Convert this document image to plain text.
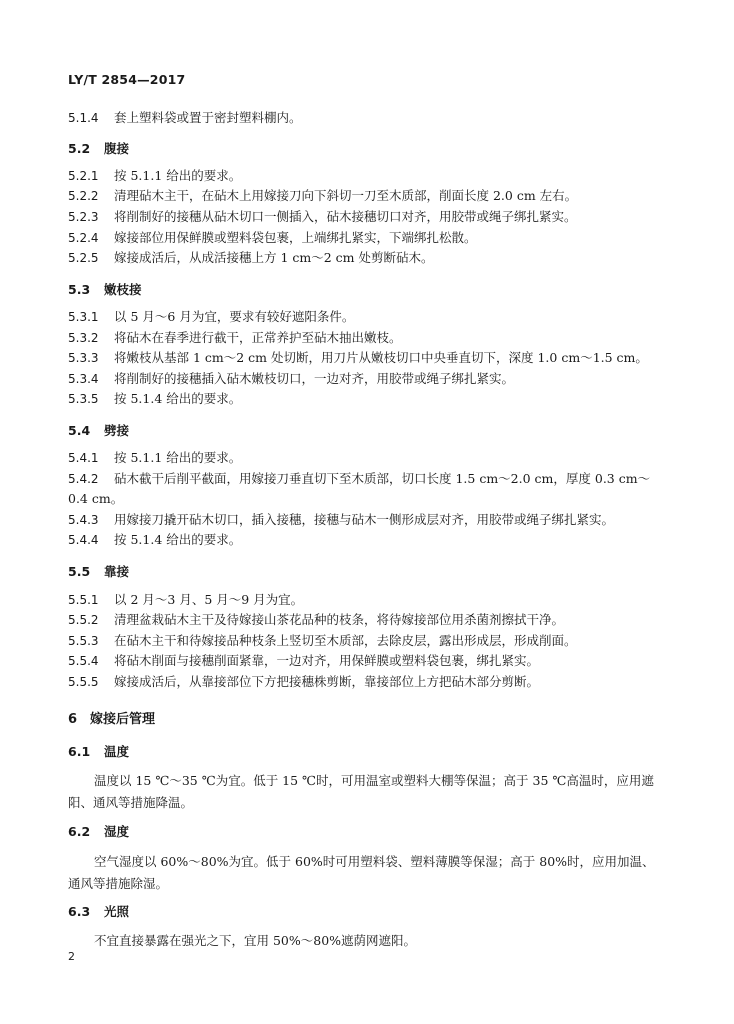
LY/T 2854—2017
5.1.4 套上塑料袋或置于密封塑料棚内。
5.2 腹接
5.2.1 按 5.1.1 给出的要求。
5.2.2 清理砧木主干，在砧木上用嫁接刀向下斜切一刀至木质部，削面长度 2.0 cm 左右。
5.2.3 将削制好的接穗从砧木切口一侧插入，砧木接穗切口对齐，用胶带或绳子绑扎紧实。
5.2.4 嫁接部位用保鲜膜或塑料袋包裹，上端绑扎紧实，下端绑扎松散。
5.2.5 嫁接成活后，从成活接穗上方 1 cm～2 cm 处剪断砧木。
5.3 嫩枝接
5.3.1 以 5 月～6 月为宜，要求有较好遮阳条件。
5.3.2 将砧木在春季进行截干，正常养护至砧木抽出嫩枝。
5.3.3 将嫩枝从基部 1 cm～2 cm 处切断，用刀片从嫩枝切口中央垂直切下，深度 1.0 cm～1.5 cm。
5.3.4 将削制好的接穗插入砧木嫩枝切口，一边对齐，用胶带或绳子绑扎紧实。
5.3.5 按 5.1.4 给出的要求。
5.4 劈接
5.4.1 按 5.1.1 给出的要求。
5.4.2 砧木截干后削平截面，用嫁接刀垂直切下至木质部，切口长度 1.5 cm～2.0 cm，厚度 0.3 cm～
0.4 cm。
5.4.3 用嫁接刀撬开砧木切口，插入接穗，接穗与砧木一侧形成层对齐，用胶带或绳子绑扎紧实。
5.4.4 按 5.1.4 给出的要求。
5.5 靠接
5.5.1 以 2 月～3 月、5 月～9 月为宜。
5.5.2 清理盆栽砧木主干及待嫁接山茶花品种的枝条，将待嫁接部位用杀菌剂擦拭干净。
5.5.3 在砧木主干和待嫁接品种枝条上竖切至木质部，去除皮层，露出形成层，形成削面。
5.5.4 将砧木削面与接穗削面紧靠，一边对齐，用保鲜膜或塑料袋包裹，绑扎紧实。
5.5.5 嫁接成活后，从靠接部位下方把接穗株剪断，靠接部位上方把砧木部分剪断。
6 嫁接后管理
6.1 温度
温度以 15 ℃～35 ℃为宜。低于 15 ℃时，可用温室或塑料大棚等保温；高于 35 ℃高温时，应用遮阳、通风等措施降温。
6.2 湿度
空气湿度以 60%～80%为宜。低于 60%时可用塑料袋、塑料薄膜等保湿；高于 80%时，应用加温、通风等措施除湿。
6.3 光照
不宜直接暴露在强光之下，宜用 50%～80%遮荫网遮阳。
2
